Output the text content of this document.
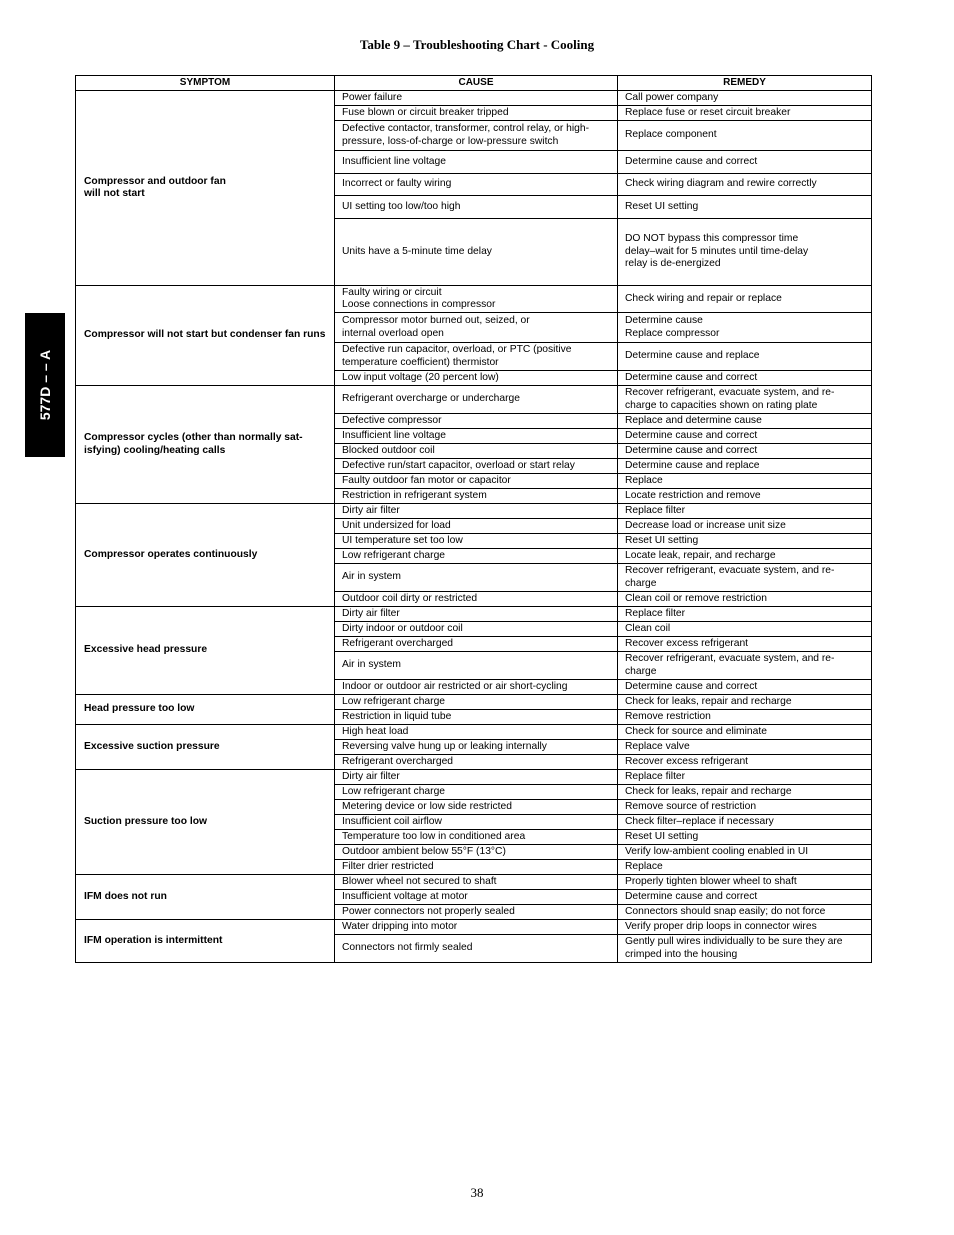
Table 9 – Troubleshooting Chart ‐ Cooling
577D – – A
SYMPTOM	CAUSE	REMEDY
Compressor and outdoor fan
will not start	Power failure	Call power company
	Fuse blown or circuit breaker tripped	Replace fuse or reset circuit breaker
	Defective contactor, transformer, control relay, or high‐
pressure, loss‐of‐charge or low‐pressure switch	Replace component
	Insufficient line voltage	Determine cause and correct
	Incorrect or faulty wiring	Check wiring diagram and rewire correctly
	UI setting too low/too high	Reset UI setting
	Units have a 5‐minute time delay	DO NOT bypass this compressor time
delay–wait for 5 minutes until time‐delay
relay is de‐energized
Compressor will not start but condenser fan runs	Faulty wiring or circuit
Loose connections in compressor	Check wiring and repair or replace
	Compressor motor burned out, seized, or
internal overload open	Determine cause
Replace compressor
	Defective run capacitor, overload, or PTC (positive
temperature coefficient) thermistor	Determine cause and replace
	Low input voltage (20 percent low)	Determine cause and correct
Compressor cycles (other than normally sat‐
isfying) cooling/heating calls	Refrigerant overcharge or undercharge	Recover refrigerant, evacuate system, and re‐
charge to capacities shown on rating plate
	Defective compressor	Replace and determine cause
	Insufficient line voltage	Determine cause and correct
	Blocked outdoor coil	Determine cause and correct
	Defective run/start capacitor, overload or start relay	Determine cause and replace
	Faulty outdoor fan motor or capacitor	Replace
	Restriction in refrigerant system	Locate restriction and remove
Compressor operates continuously	Dirty air filter	Replace filter
	Unit undersized for load	Decrease load or increase unit size
	UI temperature set too low	Reset UI setting
	Low refrigerant charge	Locate leak, repair, and recharge
	Air in system	Recover refrigerant, evacuate system, and re‐
charge
	Outdoor coil dirty or restricted	Clean coil or remove restriction
Excessive head pressure	Dirty air filter	Replace filter
	Dirty indoor or outdoor coil	Clean coil
	Refrigerant overcharged	Recover excess refrigerant
	Air in system	Recover refrigerant, evacuate system, and re‐
charge
	Indoor or outdoor air restricted or air short‐cycling	Determine cause and correct
Head pressure too low	Low refrigerant charge	Check for leaks, repair and recharge
	Restriction in liquid tube	Remove restriction
Excessive suction pressure	High heat load	Check for source and eliminate
	Reversing valve hung up or leaking internally	Replace valve
	Refrigerant overcharged	Recover excess refrigerant
Suction pressure too low	Dirty air filter	Replace filter
	Low refrigerant charge	Check for leaks, repair and recharge
	Metering device or low side restricted	Remove source of restriction
	Insufficient coil airflow	Check filter–replace if necessary
	Temperature too low in conditioned area	Reset UI setting
	Outdoor ambient below 55°F (13°C)	Verify low‐ambient cooling enabled in UI
	Filter drier restricted	Replace
IFM does not run	Blower wheel not secured to shaft	Properly tighten blower wheel to shaft
	Insufficient voltage at motor	Determine cause and correct
	Power connectors not properly sealed	Connectors should snap easily; do not force
IFM operation is intermittent	Water dripping into motor	Verify proper drip loops in connector wires
	Connectors not firmly sealed	Gently pull wires individually to be sure they are
crimped into the housing
38
